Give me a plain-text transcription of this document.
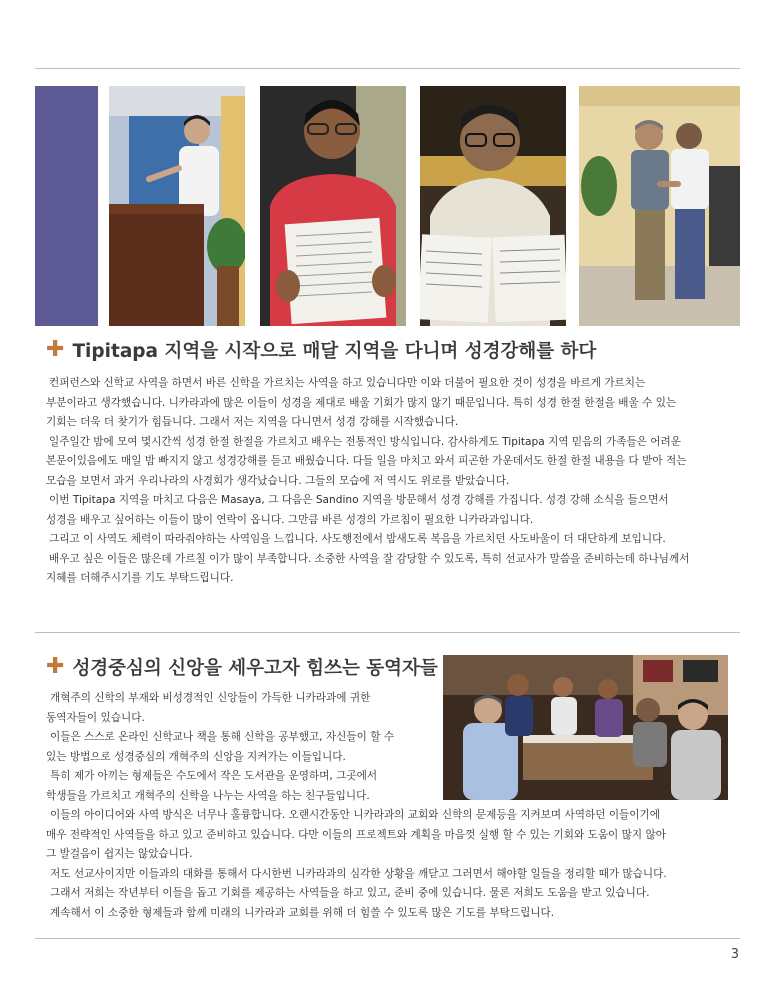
✚ Tipitapa 지역을 시작으로 매달 지역을 다니며 성경강해를 하다

컨퍼런스와 신학교 사역을 하면서 바른 신학을 가르치는 사역을 하고 있습니다만 이와 더불어 필요한 것이 성경을 바르게 가르치는

부분이라고 생각했습니다. 니카라과에 많은 이들이 성경을 제대로 배울 기회가 많지 않기 때문입니다. 특히 성경 한절 한절을 배울 수 있는

기회는 더욱 더 찾기가 힘듭니다. 그래서 저는 지역을 다니면서 성경 강해를 시작했습니다.

일주일간 밤에 모여 몇시간씩 성경 한절 한절을 가르치고 배우는 전통적인 방식입니다. 감사하게도 Tipitapa 지역 믿음의 가족들은 어려운

본문이있음에도 매일 밤 빠지지 않고 성경강해를 듣고 배웠습니다. 다들 일을 마치고 와서 피곤한 가운데서도 한절 한절 내용을 다 받아 적는

모습을 보면서 과거 우리나라의 사경회가 생각났습니다. 그들의 모습에 저 역시도 위로를 받았습니다.

이번 Tipitapa 지역을 마치고 다음은 Masaya, 그 다음은 Sandino 지역을 방문해서 성경 강해를 가집니다. 성경 강해 소식을 들으면서

성경을 배우고 싶어하는 이들이 많이 연락이 옵니다. 그만큼 바른 성경의 가르침이 필요한 니카라과입니다.

그리고 이 사역도 체력이 따라줘야하는 사역임을 느낍니다. 사도행전에서 밤새도록 복음을 가르치던 사도바울이 더 대단하게 보입니다.

배우고 싶은 이들은 많은데 가르칠 이가 많이 부족합니다. 소중한 사역을 잘 감당할 수 있도록, 특히 선교사가 말씀을 준비하는데 하나님께서

지혜를 더해주시기를 기도 부탁드립니다.

✚ 성경중심의 신앙을 세우고자 힘쓰는 동역자들

개혁주의 신학의 부재와 비성경적인 신앙들이 가득한 니카라과에 귀한

동역자들이 있습니다.

이들은 스스로 온라인 신학교나 책을 통해 신학을 공부했고, 자신들이 할 수

있는 방법으로 성경중심의 개혁주의 신앙을 지켜가는 이들입니다.

특히 제가 아끼는 형제들은 수도에서 작은 도서관을 운영하며, 그곳에서

학생들을 가르치고 개혁주의 신학을 나누는 사역을 하는 친구들입니다.

이들의 아이디어와 사역 방식은 너무나 훌륭합니다. 오랜시간동안 니카라과의 교회와 신학의 문제등을 지켜보며 사역하던 이들이기에

매우 전략적인 사역들을 하고 있고 준비하고 있습니다. 다만 이들의 프로젝트와 계획을 마음껏 실행 할 수 있는 기회와 도움이 많지 않아

그 발걸음이 쉽지는 않았습니다.

저도 선교사이지만 이들과의 대화를 통해서 다시한번 니카라과의 심각한 상황을 깨닫고 그러면서 해야할 일들을 정리할 때가 많습니다.

그래서 저희는 작년부터 이들을 돕고 기회를 제공하는 사역들을 하고 있고, 준비 중에 있습니다. 물론 저희도 도움을 받고 있습니다.

계속해서 이 소중한 형제들과 함께 미래의 니카라과 교회를 위해 더 힘쓸 수 있도록 많은 기도를 부탁드립니다.

3
